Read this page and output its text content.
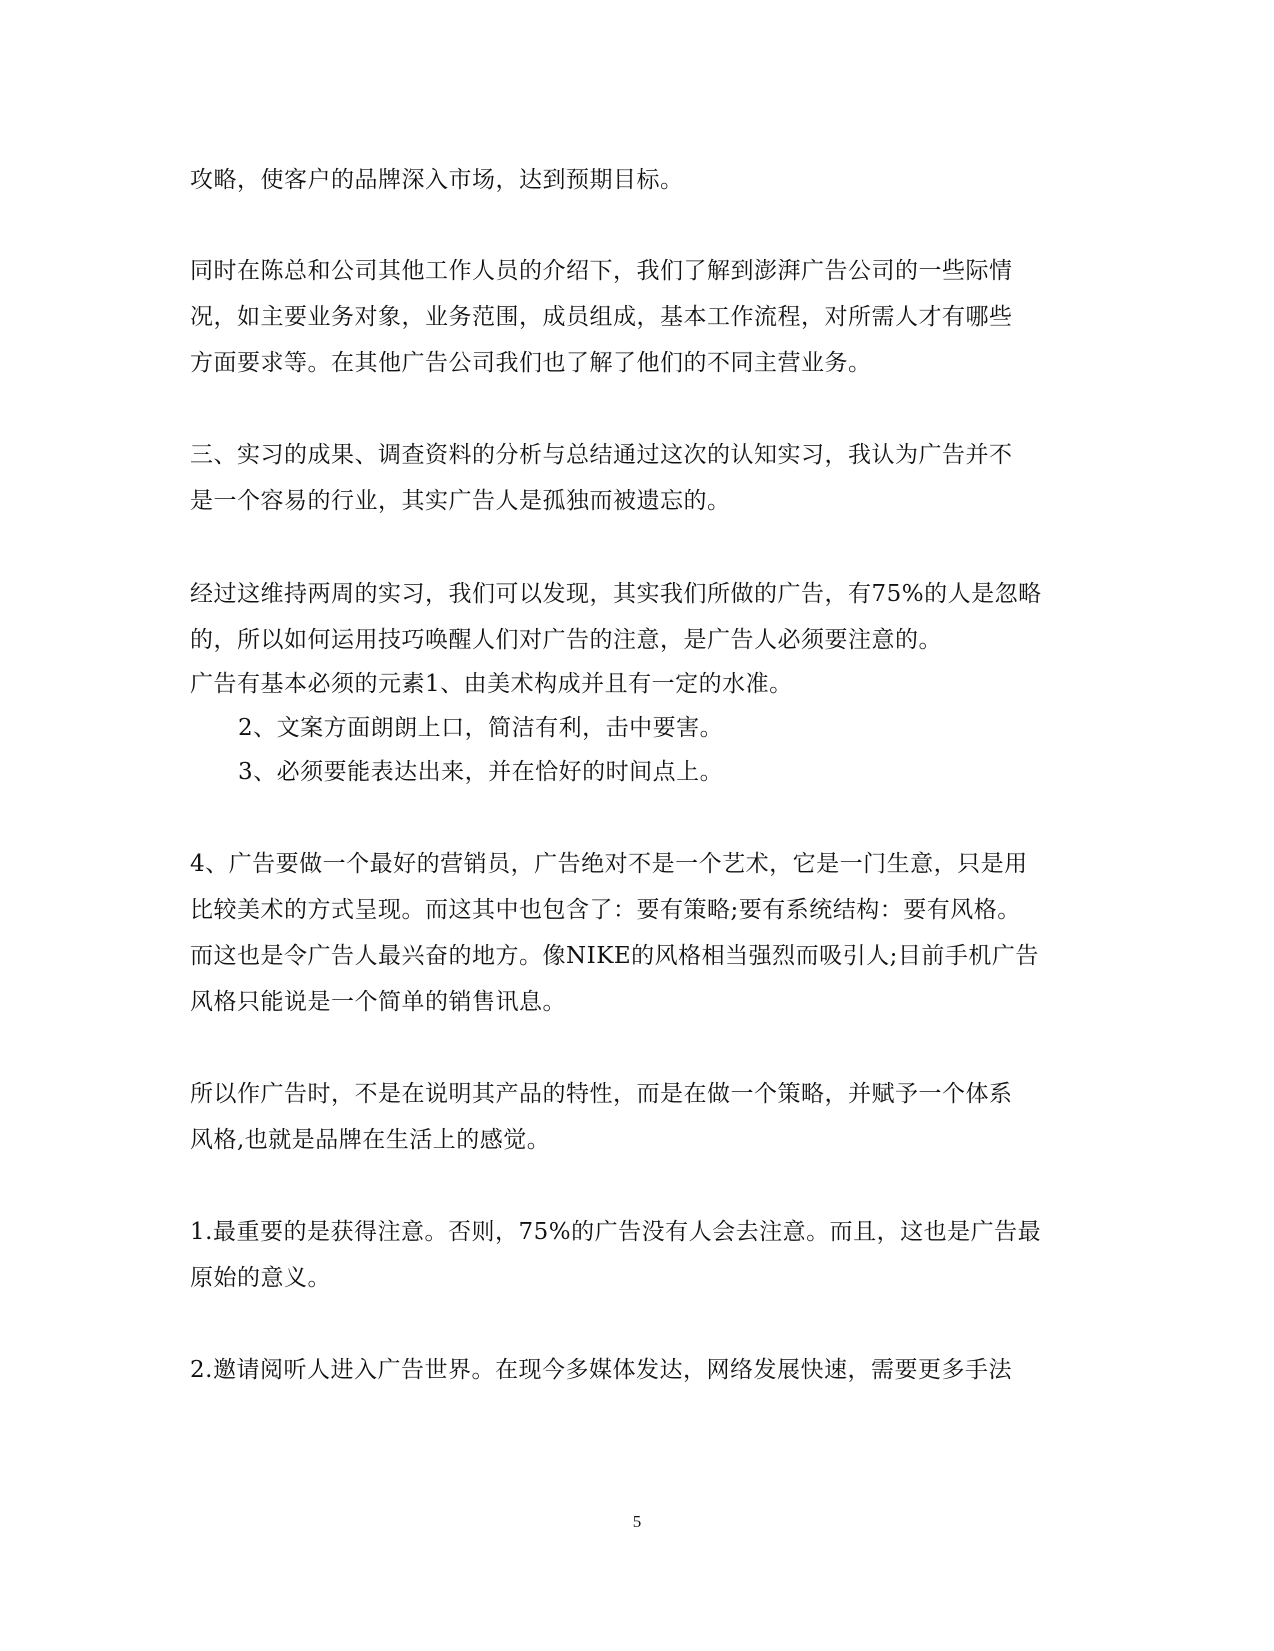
攻略，使客户的品牌深入市场，达到预期目标。
同时在陈总和公司其他工作人员的介绍下，我们了解到澎湃广告公司的一些际情
况，如主要业务对象，业务范围，成员组成，基本工作流程，对所需人才有哪些
方面要求等。在其他广告公司我们也了解了他们的不同主营业务。
三、实习的成果、调查资料的分析与总结通过这次的认知实习，我认为广告并不
是一个容易的行业，其实广告人是孤独而被遗忘的。
经过这维持两周的实习，我们可以发现，其实我们所做的广告，有75%的人是忽略
的，所以如何运用技巧唤醒人们对广告的注意，是广告人必须要注意的。
广告有基本必须的元素1、由美术构成并且有一定的水准。
2、文案方面朗朗上口，简洁有利，击中要害。
3、必须要能表达出来，并在恰好的时间点上。
4、广告要做一个最好的营销员，广告绝对不是一个艺术，它是一门生意，只是用
比较美术的方式呈现。而这其中也包含了：要有策略;要有系统结构：要有风格。
而这也是令广告人最兴奋的地方。像NIKE的风格相当强烈而吸引人;目前手机广告
风格只能说是一个简单的销售讯息。
所以作广告时，不是在说明其产品的特性，而是在做一个策略，并赋予一个体系
风格,也就是品牌在生活上的感觉。
1.最重要的是获得注意。否则，75%的广告没有人会去注意。而且，这也是广告最
原始的意义。
2.邀请阅听人进入广告世界。在现今多媒体发达，网络发展快速，需要更多手法
5
